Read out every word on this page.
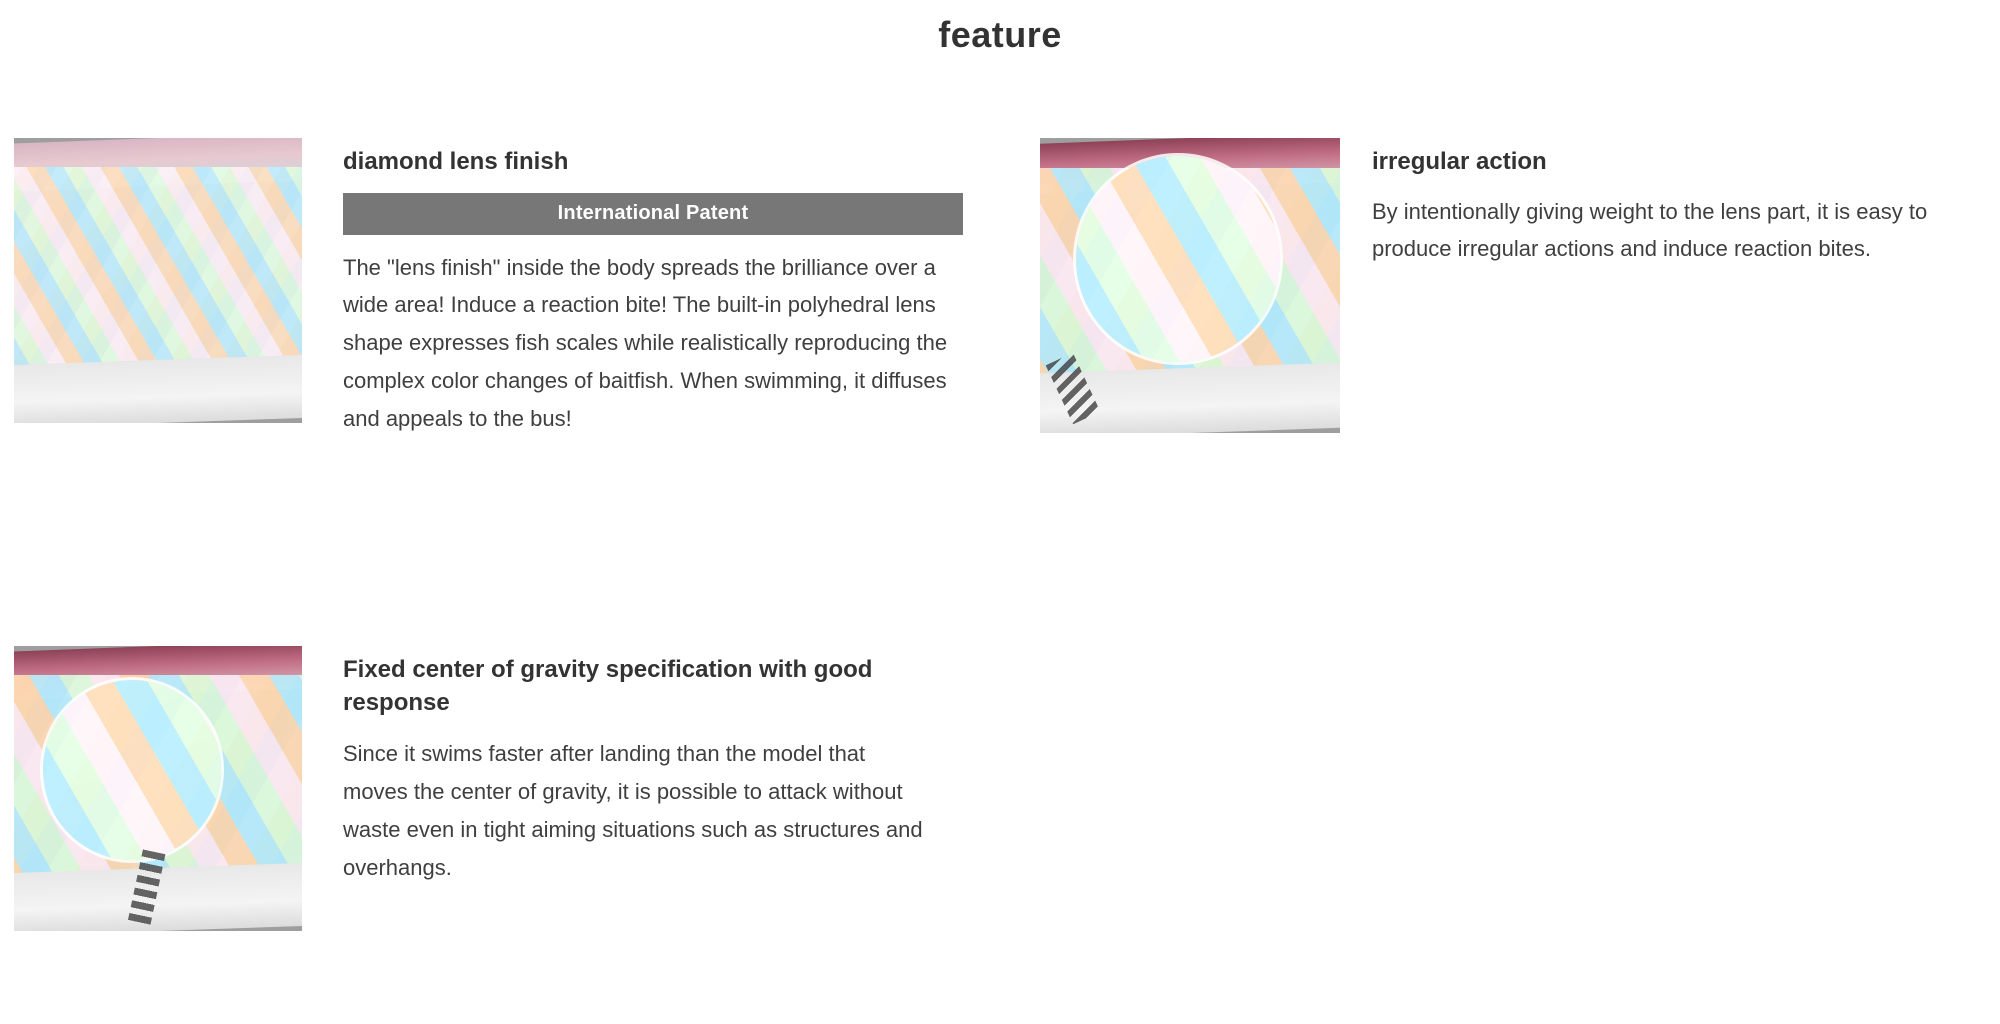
feature
diamond lens finish
International Patent

The "lens finish" inside the body spreads the brilliance over a wide area! Induce a reaction bite! The built-in polyhedral lens shape expresses fish scales while realistically reproducing the complex color changes of baitfish. When swimming, it diffuses and appeals to the bus!

irregular action

By intentionally giving weight to the lens part, it is easy to produce irregular actions and induce reaction bites.

Fixed center of gravity specification with good response

Since it swims faster after landing than the model that moves the center of gravity, it is possible to attack without waste even in tight aiming situations such as structures and overhangs.
